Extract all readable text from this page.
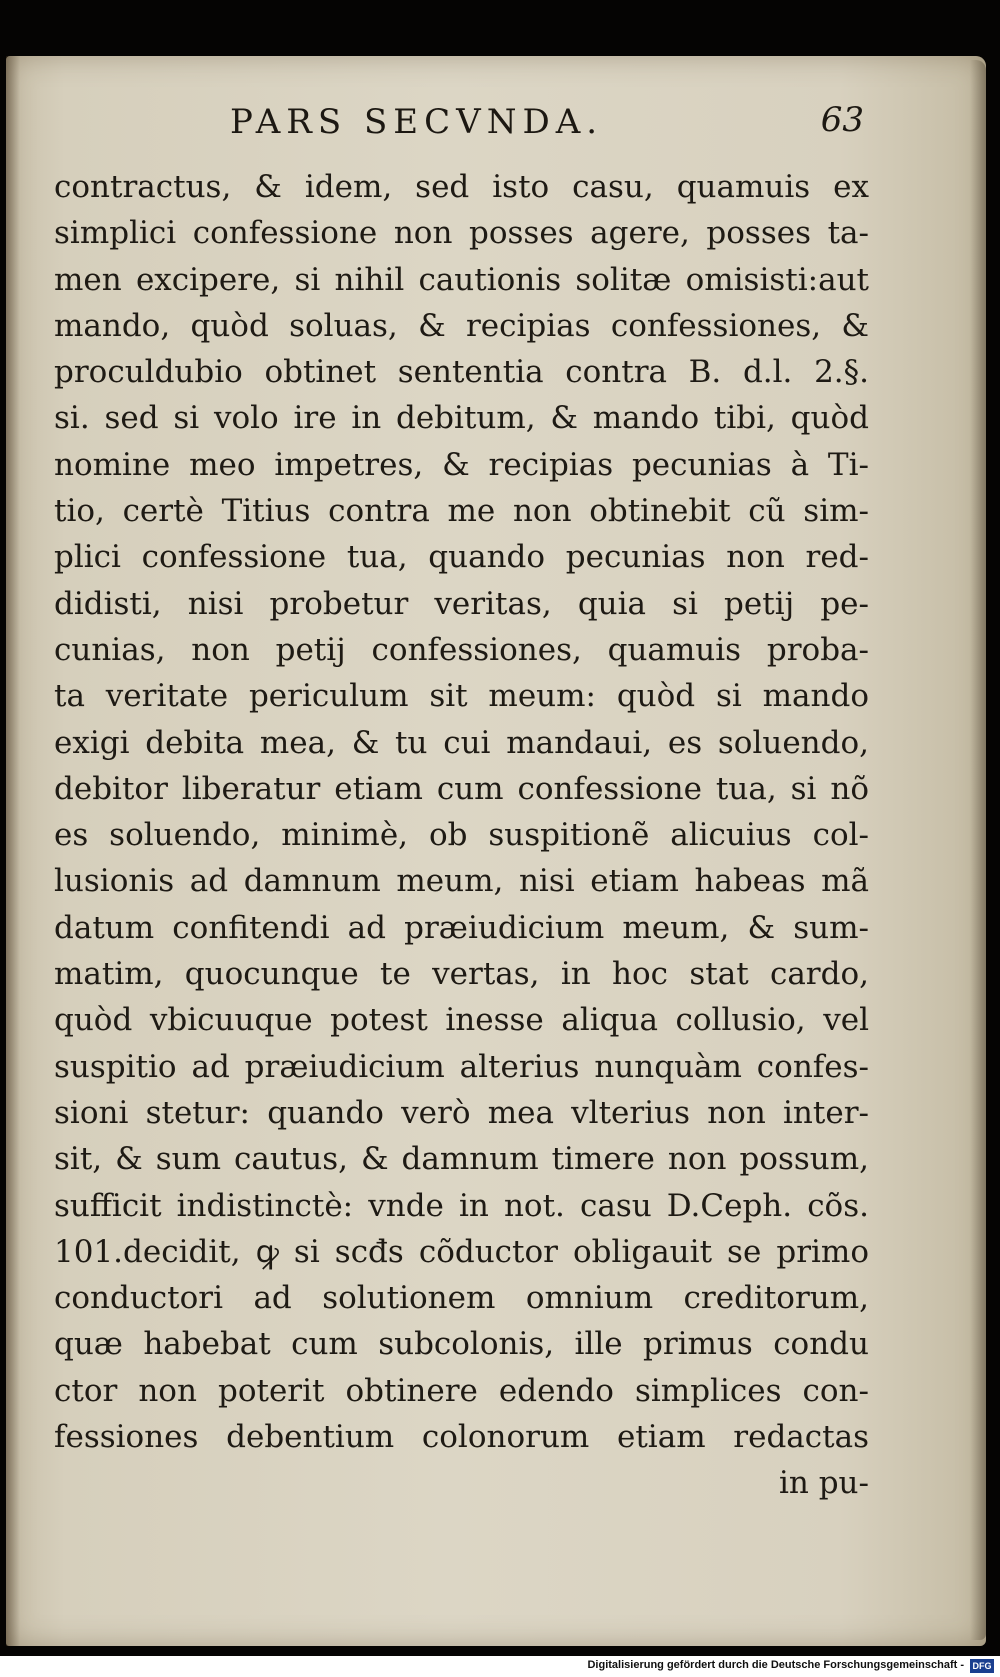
PARS SECVNDA.	63
contractus, & idem, sed isto casu, quamuis ex
simplici confessione non posses agere, posses ta-
men excipere, si nihil cautionis solitæ omisisti:aut
mando, quòd soluas, & recipias confessiones, &
proculdubio obtinet sententia contra B. d.l. 2.§.
si. sed si volo ire in debitum, & mando tibi, quòd
nomine meo impetres, & recipias pecunias à Ti-
tio, certè Titius contra me non obtinebit cũ sim-
plici confessione tua, quando pecunias non red-
didisti, nisi probetur veritas, quia si petij pe-
cunias, non petij confessiones, quamuis proba-
ta veritate periculum sit meum: quòd si mando
exigi debita mea, & tu cui mandaui, es soluendo,
debitor liberatur etiam cum confessione tua, si nõ
es soluendo, minimè, ob suspitionẽ alicuius col-
lusionis ad damnum meum, nisi etiam habeas mã
datum confitendi ad præiudicium meum, & sum-
matim, quocunque te vertas, in hoc stat cardo,
quòd vbicuuque potest inesse aliqua collusio, vel
suspitio ad præiudicium alterius nunquàm confes-
sioni stetur: quando verò mea vlterius non inter-
sit, & sum cautus, & damnum timere non possum,
sufficit indistinctè: vnde in not. casu D.Ceph. cõs.
101.decidit, ꝙ si scđs cõductor obligauit se primo
conductori ad solutionem omnium creditorum,
quæ habebat cum subcolonis, ille primus condu
ctor non poterit obtinere edendo simplices con-
fessiones debentium colonorum etiam redactas
in pu-
Digitalisierung gefördert durch die Deutsche Forschungsgemeinschaft - DFG
